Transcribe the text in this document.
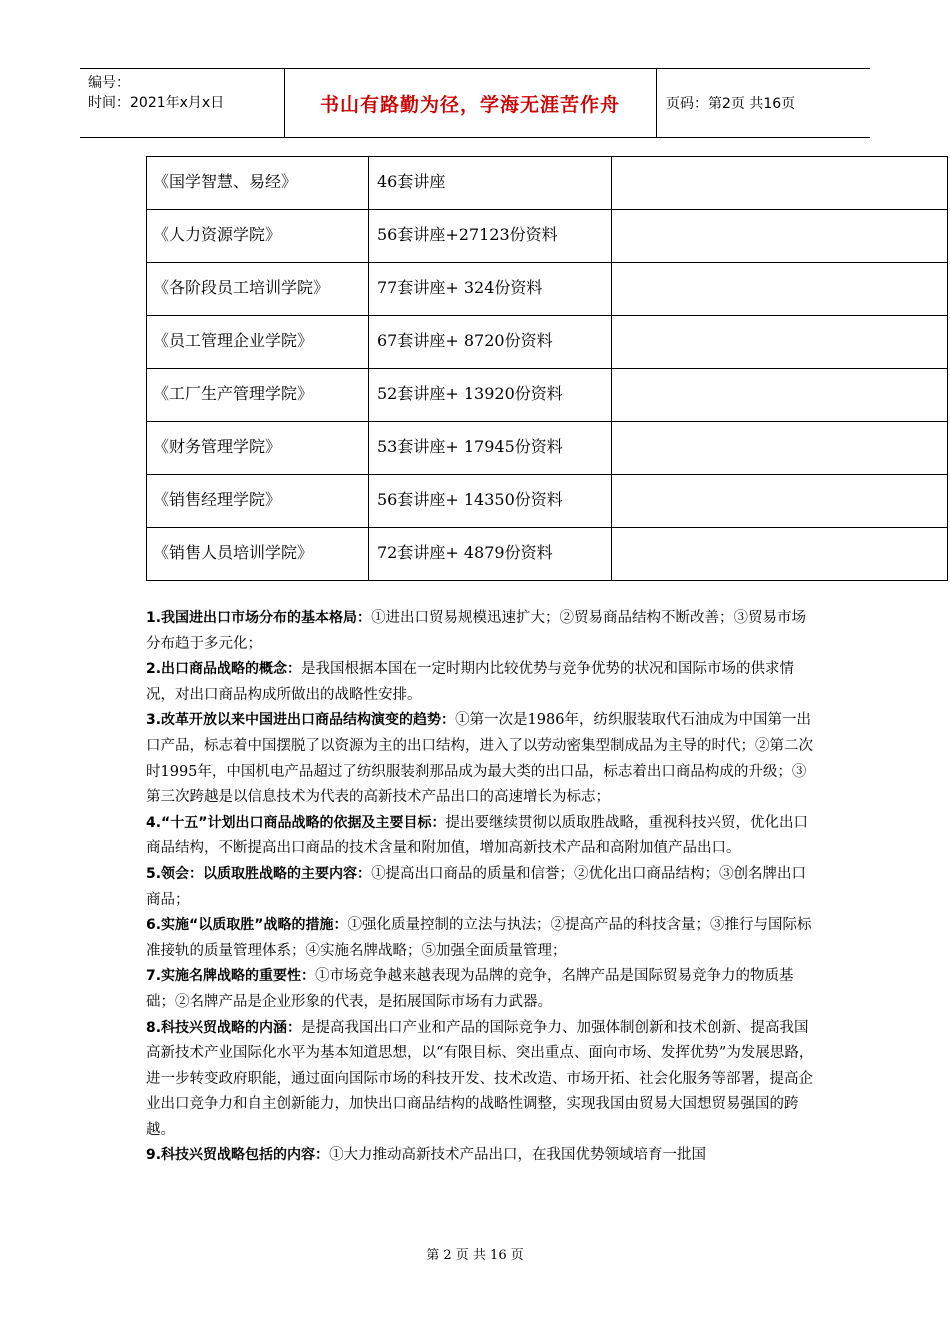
编号：
时间：2021年x月x日	书山有路勤为径，学海无涯苦作舟	页码：第2页 共16页
《国学智慧、易经》	46套讲座	
《人力资源学院》	56套讲座+27123份资料	
《各阶段员工培训学院》	77套讲座+ 324份资料	
《员工管理企业学院》	67套讲座+ 8720份资料	
《工厂生产管理学院》	52套讲座+ 13920份资料	
《财务管理学院》	53套讲座+ 17945份资料	
《销售经理学院》	56套讲座+ 14350份资料	
《销售人员培训学院》	72套讲座+ 4879份资料	

1.我国进出口市场分布的基本格局：①进出口贸易规模迅速扩大；②贸易商品结构不断改善；③贸易市场分布趋于多元化；

2.出口商品战略的概念：是我国根据本国在一定时期内比较优势与竞争优势的状况和国际市场的供求情况，对出口商品构成所做出的战略性安排。

3.改革开放以来中国进出口商品结构演变的趋势：①第一次是1986年，纺织服装取代石油成为中国第一出口产品，标志着中国摆脱了以资源为主的出口结构，进入了以劳动密集型制成品为主导的时代；②第二次时1995年，中国机电产品超过了纺织服装刹那品成为最大类的出口品，标志着出口商品构成的升级；③第三次跨越是以信息技术为代表的高新技术产品出口的高速增长为标志；

4.“十五”计划出口商品战略的依据及主要目标：提出要继续贯彻以质取胜战略，重视科技兴贸，优化出口商品结构，不断提高出口商品的技术含量和附加值，增加高新技术产品和高附加值产品出口。

5.领会：以质取胜战略的主要内容：①提高出口商品的质量和信誉；②优化出口商品结构；③创名牌出口商品；

6.实施“以质取胜”战略的措施：①强化质量控制的立法与执法；②提高产品的科技含量；③推行与国际标准接轨的质量管理体系；④实施名牌战略；⑤加强全面质量管理；

7.实施名牌战略的重要性：①市场竞争越来越表现为品牌的竞争，名牌产品是国际贸易竞争力的物质基础；②名牌产品是企业形象的代表，是拓展国际市场有力武器。

8.科技兴贸战略的内涵：是提高我国出口产业和产品的国际竞争力、加强体制创新和技术创新、提高我国高新技术产业国际化水平为基本知道思想，以“有限目标、突出重点、面向市场、发挥优势”为发展思路，进一步转变政府职能，通过面向国际市场的科技开发、技术改造、市场开拓、社会化服务等部署，提高企业出口竞争力和自主创新能力，加快出口商品结构的战略性调整，实现我国由贸易大国想贸易强国的跨越。

9.科技兴贸战略包括的内容：①大力推动高新技术产品出口，在我国优势领域培育一批国

第 2 页 共 16 页
